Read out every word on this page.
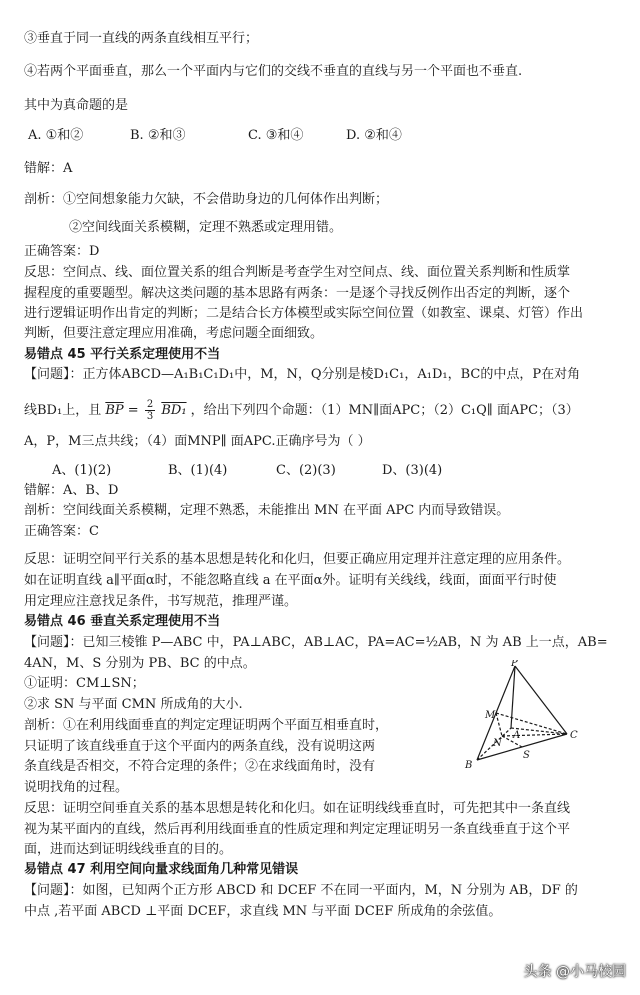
③垂直于同一直线的两条直线相互平行；
④若两个平面垂直，那么一个平面内与它们的交线不垂直的直线与另一个平面也不垂直.
其中为真命题的是
A. ①和②	B. ②和③	C. ③和④	D. ②和④
错解：A
剖析：①空间想象能力欠缺，不会借助身边的几何体作出判断；
②空间线面关系模糊，定理不熟悉或定理用错。
正确答案：D
反思：空间点、线、面位置关系的组合判断是考查学生对空间点、线、面位置关系判断和性质掌
握程度的重要题型。解决这类问题的基本思路有两条：一是逐个寻找反例作出否定的判断，逐个
进行逻辑证明作出肯定的判断；二是结合长方体模型或实际空间位置（如教室、课桌、灯管）作出
判断，但要注意定理应用准确，考虑问题全面细致。
易错点 45 平行关系定理使用不当
【问题】：正方体ABCD—A₁B₁C₁D₁中，M，N，Q分别是棱D₁C₁，A₁D₁，BC的中点，P在对角
线BD₁上，且 $\overline{BP} = \frac{2}{3} BD_1$ ，给出下列四个命题：（1）MN∥面APC；（2）C₁Q∥ 面APC；（3）
A，P，M三点共线；（4）面MNP∥ 面APC.正确序号为（ ）
A、(1)(2)	B、(1)(4)	C、(2)(3)	D、(3)(4)
错解：A、B、D
剖析：空间线面关系模糊，定理不熟悉，未能推出 MN 在平面 APC 内而导致错误。
正确答案：C
反思：证明空间平行关系的基本思想是转化和化归，但要正确应用定理并注意定理的应用条件。
如在证明直线 a∥平面α时，不能忽略直线 a 在平面α外。证明有关线线，线面，面面平行时使
用定理应注意找足条件，书写规范，推理严谨。
易错点 46 垂直关系定理使用不当
【问题】：已知三棱锥 P—ABC 中，PA⊥ABC，AB⊥AC，PA=AC=½AB，N 为 AB 上一点，AB=
4AN，M、S 分别为 PB、BC 的中点。
①证明：CM⊥SN；
②求 SN 与平面 CMN 所成角的大小.
剖析：①在利用线面垂直的判定定理证明两个平面互相垂直时，
只证明了该直线垂直于这个平面内的两条直线，没有说明这两
条直线是否相交，不符合定理的条件；②在求线面角时，没有
说明找角的过程。
反思：证明空间垂直关系的基本思想是转化和化归。如在证明线线垂直时，可先把其中一条直线
视为某平面内的直线，然后再利用线面垂直的性质定理和判定定理证明另一条直线垂直于这个平
面，进而达到证明线线垂直的目的。
易错点 47 利用空间向量求线面角几种常见错误
【问题】：如图，已知两个正方形 ABCD 和 DCEF 不在同一平面内，M，N 分别为 AB，DF 的
中点 ,若平面 ABCD ⊥平面 DCEF，求直线 MN 与平面 DCEF 所成角的余弦值。
P
A
B
C
M
N
S
头条 @小马校园
